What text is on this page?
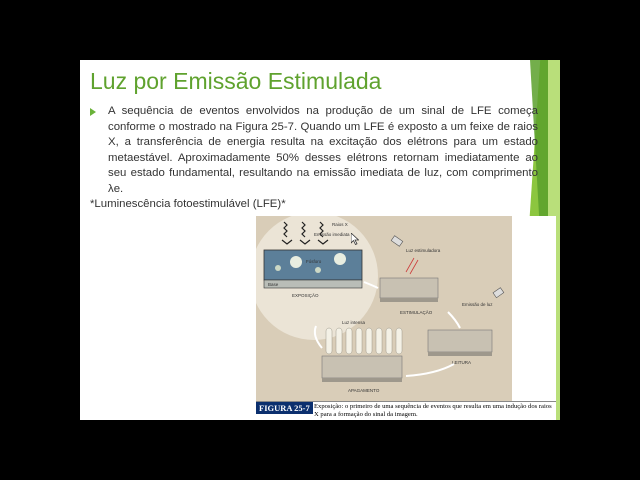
Luz por Emissão Estimulada

A sequência de eventos envolvidos na produção de um sinal de LFE começa conforme o mostrado na Figura 25-7. Quando um LFE é exposto a um feixe de raios X, a transferência de energia resulta na excitação dos elétrons para um estado metaestável. Aproximadamente 50% desses elétrons retornam imediatamente ao seu estado fundamental, resultando na emissão imediata de luz, com comprimento λe.

*Luminescência fotoestimulável (LFE)*
Raios X
Emissão imediata
Fósforo
Base
EXPOSIÇÃO
Luz estimuladora
ESTIMULAÇÃO
Emissão de luz
LEITURA
Luz intensa
APAGAMENTO
FIGURA 25-7 Exposição: o primeiro de uma sequência de eventos que resulta em uma indução dos raios X para a formação do sinal da imagem.
